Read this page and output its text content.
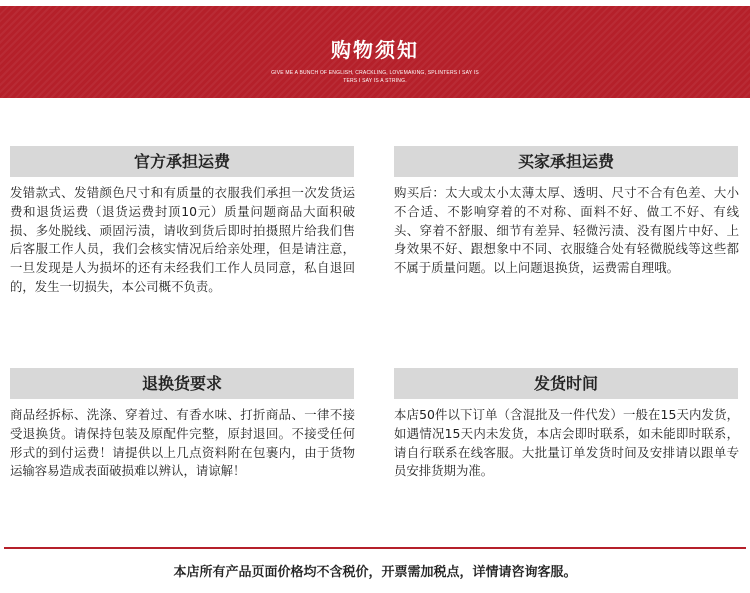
购物须知
GIVE ME A BUNCH OF ENGLISH, CRACKLING, LOVEMAKING, SPLINTERS I SAY IS
TERS I SAY IS A STRING.
官方承担运费
发错款式、发错颜色尺寸和有质量的衣服我们承担一次发货运费和退货运费（退货运费封顶10元）质量问题商品大面积破损、多处脱线、顽固污渍，请收到货后即时拍摄照片给我们售后客服工作人员，我们会核实情况后给亲处理，但是请注意，一旦发现是人为损坏的还有未经我们工作人员同意，私自退回的，发生一切损失，本公司概不负责。
买家承担运费
购买后：太大或太小太薄太厚、透明、尺寸不合有色差、大小不合适、不影响穿着的不对称、面料不好、做工不好、有线头、穿着不舒服、细节有差异、轻微污渍、没有图片中好、上身效果不好、跟想象中不同、衣服缝合处有轻微脱线等这些都不属于质量问题。以上问题退换货，运费需自理哦。
退换货要求
商品经拆标、洗涤、穿着过、有香水味、打折商品、一律不接受退换货。请保持包装及原配件完整，原封退回。不接受任何形式的到付运费！请提供以上几点资料附在包裹内，由于货物运输容易造成表面破损难以辨认，请谅解！
发货时间
本店50件以下订单（含混批及一件代发）一般在15天内发货，如遇情况15天内未发货，本店会即时联系，如未能即时联系，请自行联系在线客服。大批量订单发货时间及安排请以跟单专员安排货期为准。
本店所有产品页面价格均不含税价，开票需加税点，详情请咨询客服。
